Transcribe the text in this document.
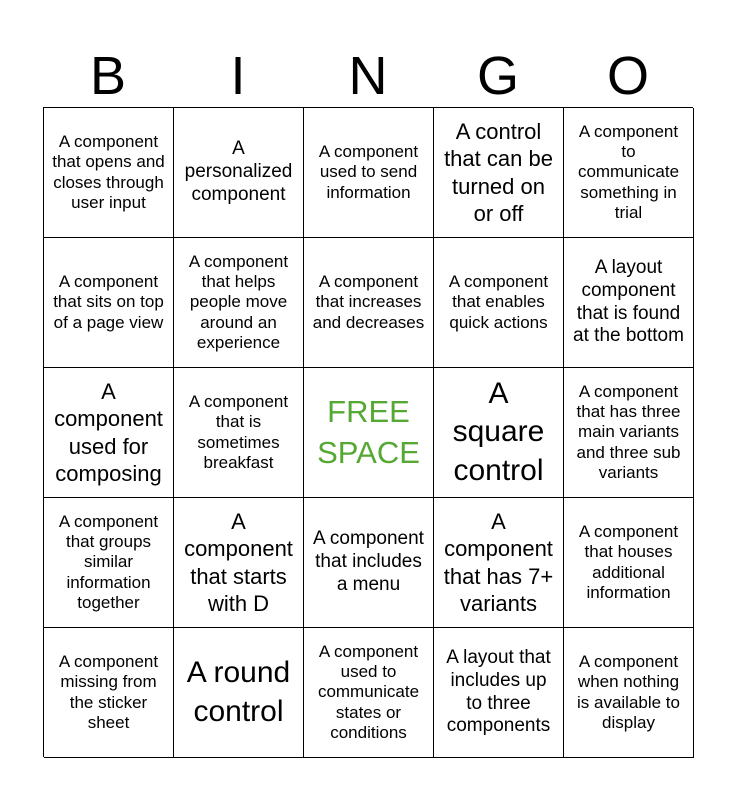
B	I	N	G	O
A component that opens and closes through user input
A personalized component
A component used to send information
A control that can be turned on or off
A component to communicate something in trial
A component that sits on top of a page view
A component that helps people move around an experience
A component that increases and decreases
A component that enables quick actions
A layout component that is found at the bottom
A component used for composing
A component that is sometimes breakfast
FREE SPACE
A square control
A component that has three main variants and three sub variants
A component that groups similar information together
A component that starts with D
A component that includes a menu
A component that has 7+ variants
A component that houses additional information
A component missing from the sticker sheet
A round control
A component used to communicate states or conditions
A layout that includes up to three components
A component when nothing is available to display
